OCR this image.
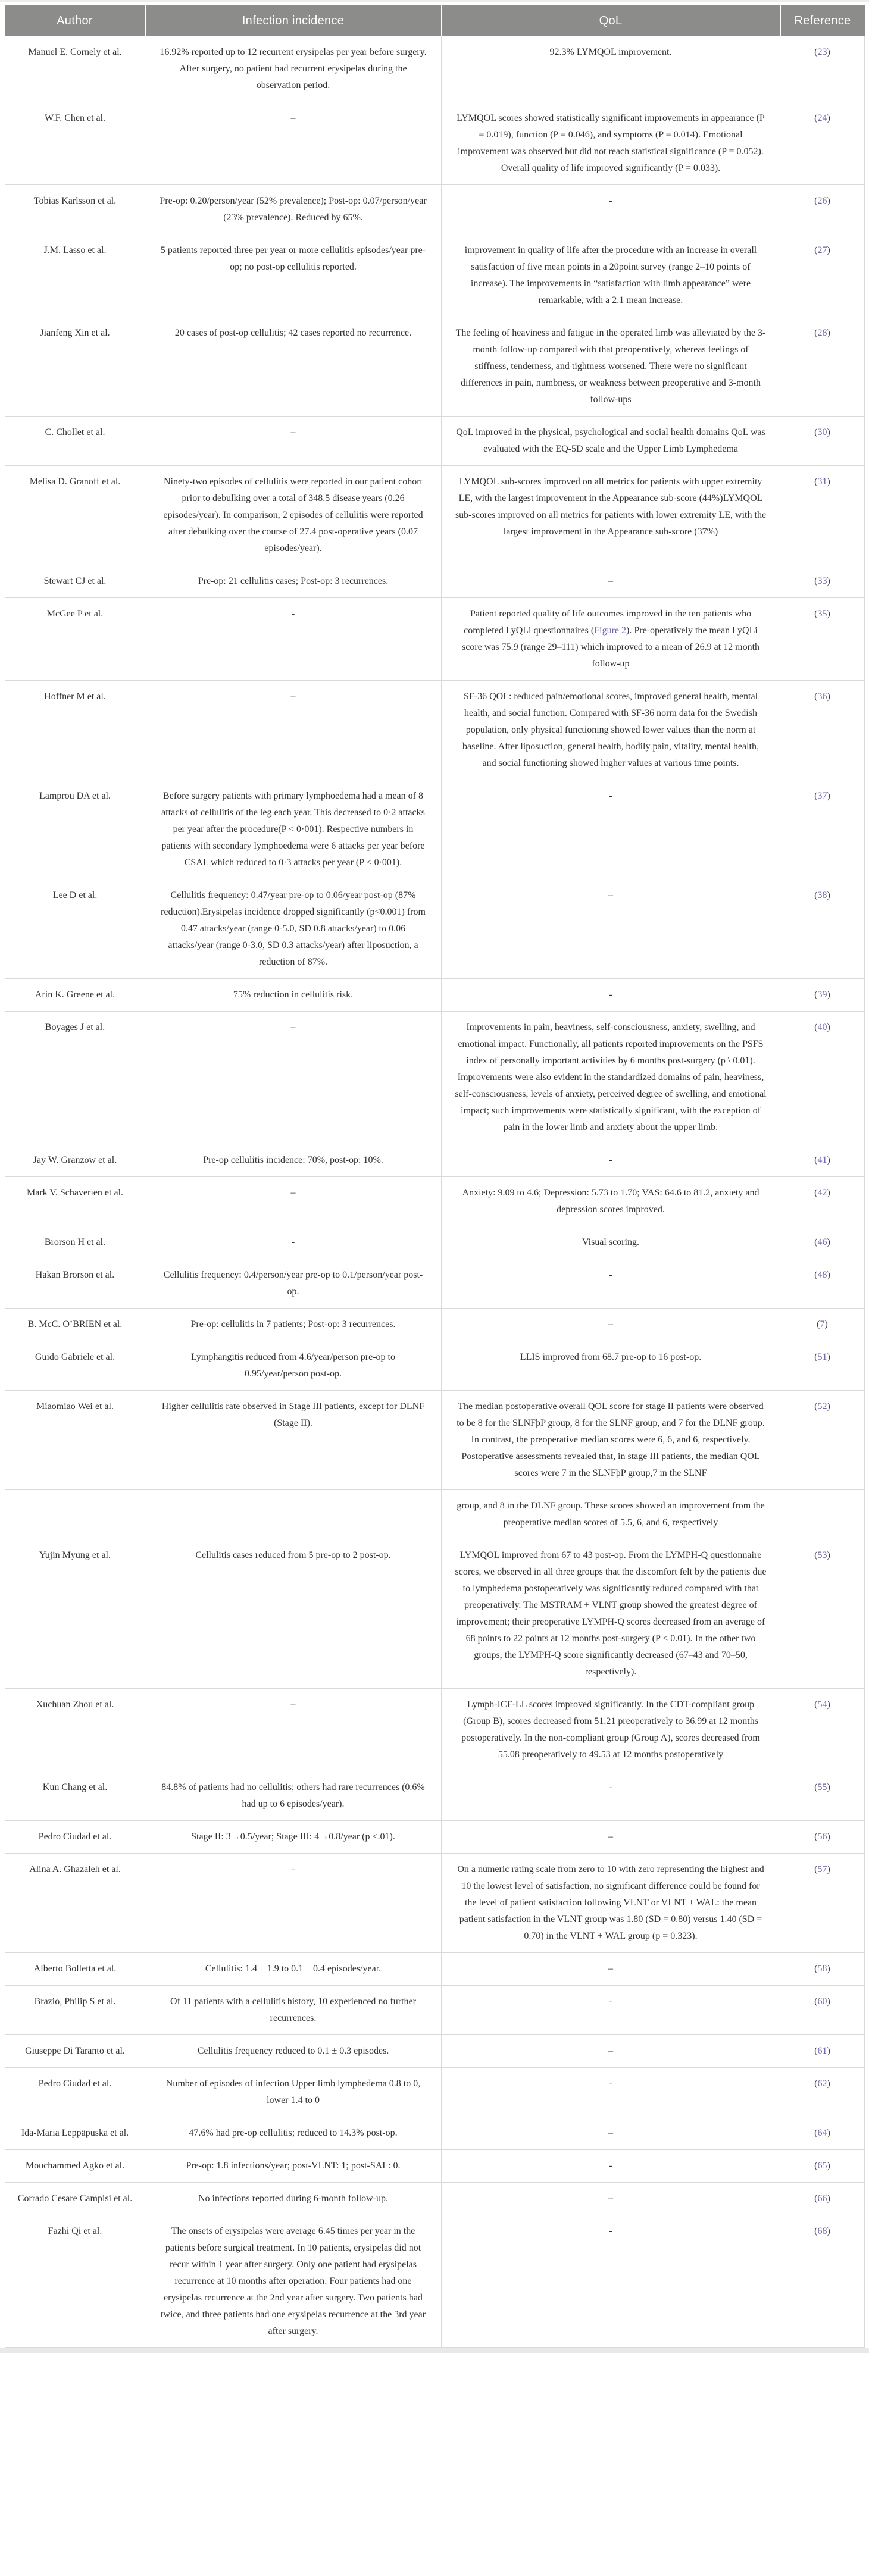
Author	Infection incidence	QoL	Reference
Manuel E. Cornely et al.	16.92% reported up to 12 recurrent erysipelas per year before surgery. After surgery, no patient had recurrent erysipelas during the observation period.	92.3% LYMQOL improvement.	(23)
W.F. Chen et al.	–	LYMQOL scores showed statistically significant improvements in appearance (P = 0.019), function (P = 0.046), and symptoms (P = 0.014). Emotional improvement was observed but did not reach statistical significance (P = 0.052). Overall quality of life improved significantly (P = 0.033).	(24)
Tobias Karlsson et al.	Pre-op: 0.20/person/year (52% prevalence); Post-op: 0.07/person/year (23% prevalence). Reduced by 65%.	-	(26)
J.M. Lasso et al.	5 patients reported three per year or more cellulitis episodes/year pre-op; no post-op cellulitis reported.	improvement in quality of life after the procedure with an increase in overall satisfaction of five mean points in a 20point survey (range 2–10 points of increase). The improvements in “satisfaction with limb appearance” were remarkable, with a 2.1 mean increase.	(27)
Jianfeng Xin et al.	20 cases of post-op cellulitis; 42 cases reported no recurrence.	The feeling of heaviness and fatigue in the operated limb was alleviated by the 3-month follow-up compared with that preoperatively, whereas feelings of stiffness, tenderness, and tightness worsened. There were no significant differences in pain, numbness, or weakness between preoperative and 3-month follow-ups	(28)
C. Chollet et al.	–	QoL improved in the physical, psychological and social health domains QoL was evaluated with the EQ-5D scale and the Upper Limb Lymphedema	(30)
Melisa D. Granoff et al.	Ninety-two episodes of cellulitis were reported in our patient cohort prior to debulking over a total of 348.5 disease years (0.26 episodes/year). In comparison, 2 episodes of cellulitis were reported after debulking over the course of 27.4 post-operative years (0.07 episodes/year).	LYMQOL sub-scores improved on all metrics for patients with upper extremity LE, with the largest improvement in the Appearance sub-score (44%)LYMQOL sub-scores improved on all metrics for patients with lower extremity LE, with the largest improvement in the Appearance sub-score (37%)	(31)
Stewart CJ et al.	Pre-op: 21 cellulitis cases; Post-op: 3 recurrences.	–	(33)
McGee P et al.	-	Patient reported quality of life outcomes improved in the ten patients who completed LyQLi questionnaires (Figure 2). Pre-operatively the mean LyQLi score was 75.9 (range 29–111) which improved to a mean of 26.9 at 12 month follow-up	(35)
Hoffner M et al.	–	SF-36 QOL: reduced pain/emotional scores, improved general health, mental health, and social function. Compared with SF-36 norm data for the Swedish population, only physical functioning showed lower values than the norm at baseline. After liposuction, general health, bodily pain, vitality, mental health, and social functioning showed higher values at various time points.	(36)
Lamprou DA et al.	Before surgery patients with primary lymphoedema had a mean of 8 attacks of cellulitis of the leg each year. This decreased to 0·2 attacks per year after the procedure(P < 0·001). Respective numbers in patients with secondary lymphoedema were 6 attacks per year before CSAL which reduced to 0·3 attacks per year (P < 0·001).	-	(37)
Lee D et al.	Cellulitis frequency: 0.47/year pre-op to 0.06/year post-op (87% reduction).Erysipelas incidence dropped significantly (p<0.001) from 0.47 attacks/year (range 0-5.0, SD 0.8 attacks/year) to 0.06 attacks/year (range 0-3.0, SD 0.3 attacks/year) after liposuction, a reduction of 87%.	–	(38)
Arin K. Greene et al.	75% reduction in cellulitis risk.	-	(39)
Boyages J et al.	–	Improvements in pain, heaviness, self-consciousness, anxiety, swelling, and emotional impact. Functionally, all patients reported improvements on the PSFS index of personally important activities by 6 months post-surgery (p \ 0.01). Improvements were also evident in the standardized domains of pain, heaviness, self-consciousness, levels of anxiety, perceived degree of swelling, and emotional impact; such improvements were statistically significant, with the exception of pain in the lower limb and anxiety about the upper limb.	(40)
Jay W. Granzow et al.	Pre-op cellulitis incidence: 70%, post-op: 10%.	-	(41)
Mark V. Schaverien et al.	–	Anxiety: 9.09 to 4.6; Depression: 5.73 to 1.70; VAS: 64.6 to 81.2, anxiety and depression scores improved.	(42)
Brorson H et al.	-	Visual scoring.	(46)
Hakan Brorson et al.	Cellulitis frequency: 0.4/person/year pre-op to 0.1/person/year post-op.	-	(48)
B. McC. O’BRIEN et al.	Pre-op: cellulitis in 7 patients; Post-op: 3 recurrences.	–	(7)
Guido Gabriele et al.	Lymphangitis reduced from 4.6/year/person pre-op to 0.95/year/person post-op.	LLIS improved from 68.7 pre-op to 16 post-op.	(51)
Miaomiao Wei et al.	Higher cellulitis rate observed in Stage III patients, except for DLNF (Stage II).	The median postoperative overall QOL score for stage II patients were observed to be 8 for the SLNFþP group, 8 for the SLNF group, and 7 for the DLNF group. In contrast, the preoperative median scores were 6, 6, and 6, respectively. Postoperative assessments revealed that, in stage III patients, the median QOL scores were 7 in the SLNFþP group,7 in the SLNF	(52)
		group, and 8 in the DLNF group. These scores showed an improvement from the preoperative median scores of 5.5, 6, and 6, respectively	
Yujin Myung et al.	Cellulitis cases reduced from 5 pre-op to 2 post-op.	LYMQOL improved from 67 to 43 post-op. From the LYMPH-Q questionnaire scores, we observed in all three groups that the discomfort felt by the patients due to lymphedema postoperatively was significantly reduced compared with that preoperatively. The MSTRAM + VLNT group showed the greatest degree of improvement; their preoperative LYMPH-Q scores decreased from an average of 68 points to 22 points at 12 months post-surgery (P < 0.01). In the other two groups, the LYMPH-Q score significantly decreased (67–43 and 70–50, respectively).	(53)
Xuchuan Zhou et al.	–	Lymph-ICF-LL scores improved significantly. In the CDT-compliant group (Group B), scores decreased from 51.21 preoperatively to 36.99 at 12 months postoperatively. In the non-compliant group (Group A), scores decreased from 55.08 preoperatively to 49.53 at 12 months postoperatively	(54)
Kun Chang et al.	84.8% of patients had no cellulitis; others had rare recurrences (0.6% had up to 6 episodes/year).	-	(55)
Pedro Ciudad et al.	Stage II: 3→0.5/year; Stage III: 4→0.8/year (p <.01).	–	(56)
Alina A. Ghazaleh et al.	-	On a numeric rating scale from zero to 10 with zero representing the highest and 10 the lowest level of satisfaction, no significant difference could be found for the level of patient satisfaction following VLNT or VLNT + WAL: the mean patient satisfaction in the VLNT group was 1.80 (SD = 0.80) versus 1.40 (SD = 0.70) in the VLNT + WAL group (p = 0.323).	(57)
Alberto Bolletta et al.	Cellulitis: 1.4 ± 1.9 to 0.1 ± 0.4 episodes/year.	–	(58)
Brazio, Philip S et al.	Of 11 patients with a cellulitis history, 10 experienced no further recurrences.	-	(60)
Giuseppe Di Taranto et al.	Cellulitis frequency reduced to 0.1 ± 0.3 episodes.	–	(61)
Pedro Ciudad et al.	Number of episodes of infection Upper limb lymphedema 0.8 to 0, lower 1.4 to 0	-	(62)
Ida-Maria Leppäpuska et al.	47.6% had pre-op cellulitis; reduced to 14.3% post-op.	–	(64)
Mouchammed Agko et al.	Pre-op: 1.8 infections/year; post-VLNT: 1; post-SAL: 0.	-	(65)
Corrado Cesare Campisi et al.	No infections reported during 6-month follow-up.	–	(66)
Fazhi Qi et al.	The onsets of erysipelas were average 6.45 times per year in the patients before surgical treatment. In 10 patients, erysipelas did not recur within 1 year after surgery. Only one patient had erysipelas recurrence at 10 months after operation. Four patients had one erysipelas recurrence at the 2nd year after surgery. Two patients had twice, and three patients had one erysipelas recurrence at the 3rd year after surgery.	-	(68)
